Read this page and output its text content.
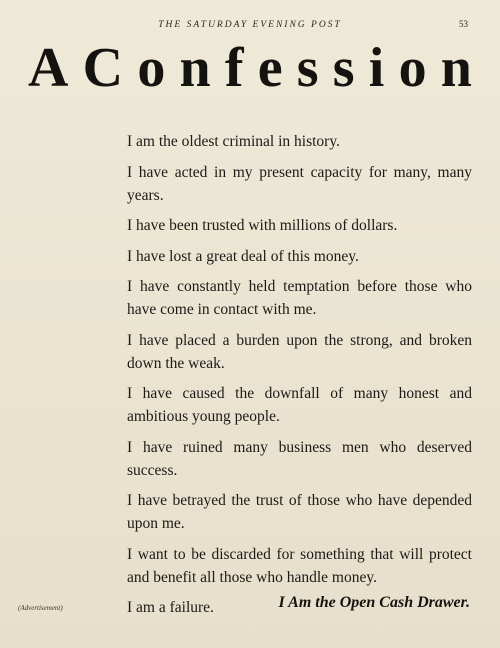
THE SATURDAY EVENING POST	53
A C o n f e s s i o n
I am the oldest criminal in history.
I have acted in my present capacity for many, many years.
I have been trusted with millions of dollars.
I have lost a great deal of this money.
I have constantly held temptation before those who have come in contact with me.
I have placed a burden upon the strong, and broken down the weak.
I have caused the downfall of many honest and ambitious young people.
I have ruined many business men who deserved success.
I have betrayed the trust of those who have depended upon me.
I want to be discarded for something that will protect and benefit all those who handle money.
I am a failure.
(Advertisement)	I Am the Open Cash Drawer.
